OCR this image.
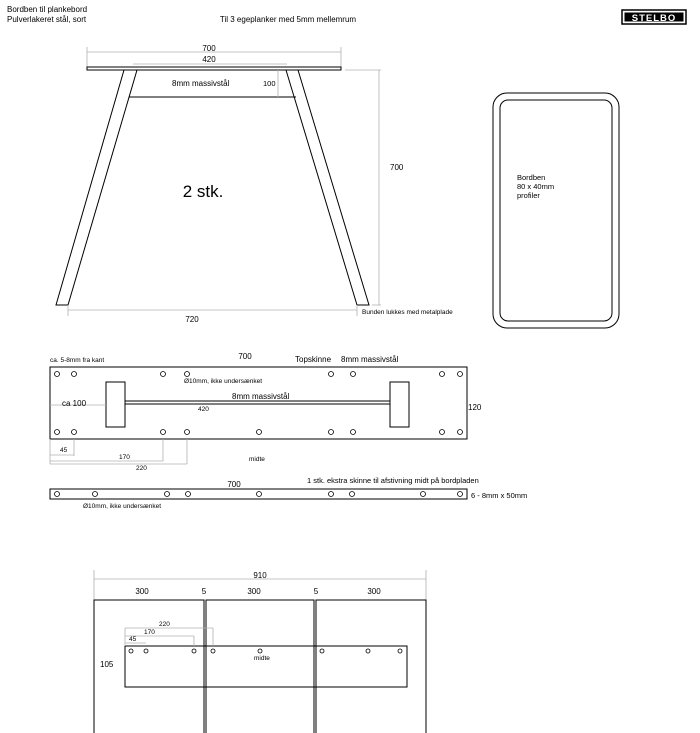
Bordben til plankebord
Pulverlakeret stål, sort	Til 3 egeplanker med 5mm mellemrum	STELBO
700
420
8mm massivstål	100
700
2 stk.
720
Bunden lukkes med metalplade
Bordben
80 x 40mm
profiler
ca. 5-8mm fra kant	700	Topskinne 8mm massivstål
Ø10mm, ikke undersænket
8mm massivstål
420
ca 100	120
45
170
220
midte
1 stk. ekstra skinne til afstivning midt på bordpladen
700
6 - 8mm x 50mm
Ø10mm, ikke undersænket
910
300	5	300	5	300
midte
105
220
170
45
